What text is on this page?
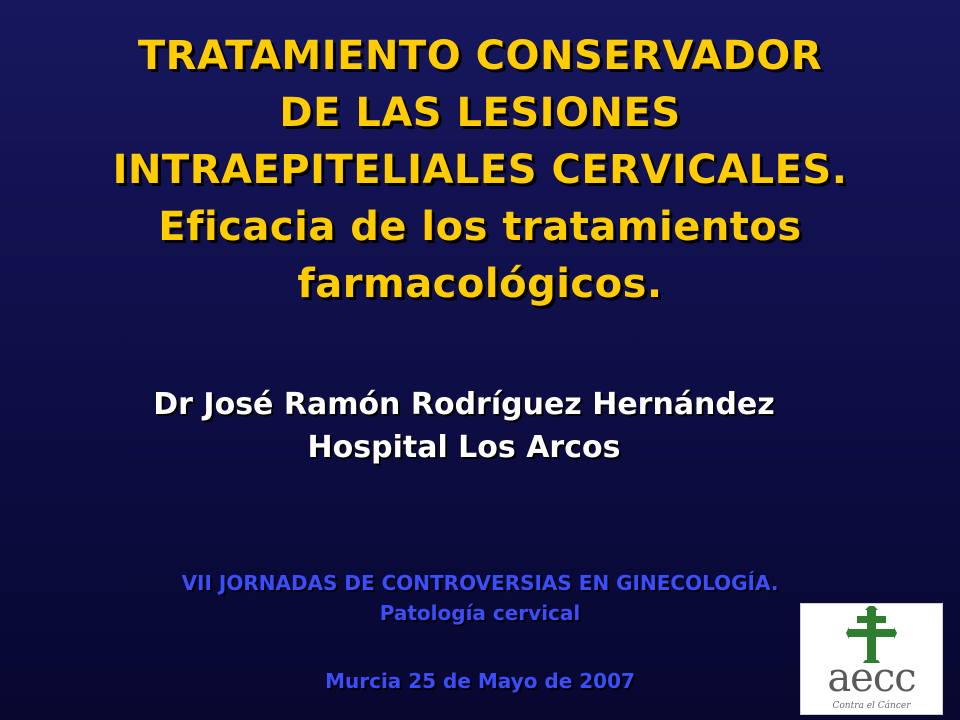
TRATAMIENTO CONSERVADOR
DE LAS LESIONES
INTRAEPITELIALES CERVICALES.
Eficacia de los tratamientos
farmacológicos.
Dr José Ramón Rodríguez Hernández
Hospital Los Arcos
VII JORNADAS DE CONTROVERSIAS EN GINECOLOGÍA.
Patología cervical
Murcia 25 de Mayo de 2007	aecc
Contra el Cáncer
